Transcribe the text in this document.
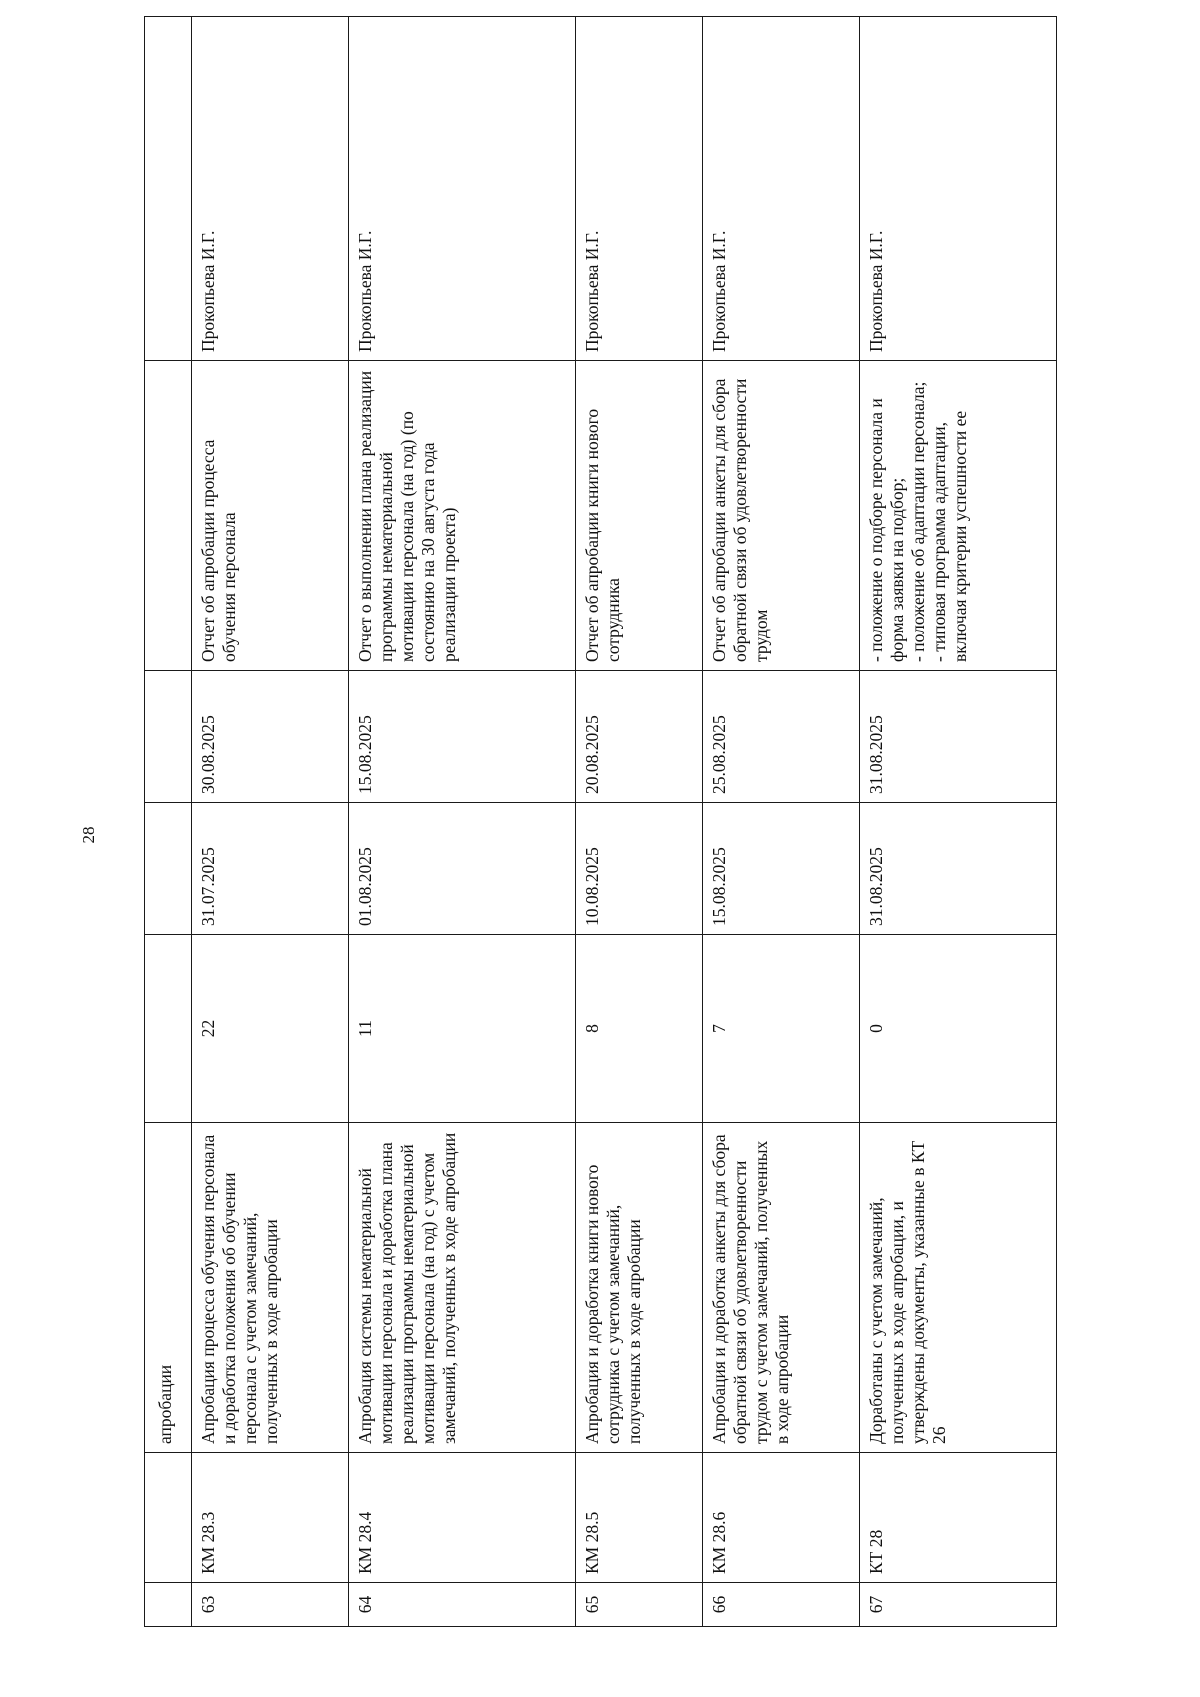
28
		апробации					
63	КМ 28.3	Апробация процесса обучения персонала и доработка положения об обучении персонала с учетом замечаний, полученных в ходе апробации	22	31.07.2025	30.08.2025	Отчет об апробации процесса обучения персонала	Прокопьева И.Г.
64	КМ 28.4	Апробация системы нематериальной мотивации персонала и доработка плана реализации программы нематериальной мотивации персонала (на год) с учетом замечаний, полученных в ходе апробации	11	01.08.2025	15.08.2025	Отчет о выполнении плана реализации программы нематериальной мотивации персонала (на год) (по состоянию на 30 августа года реализации проекта)	Прокопьева И.Г.
65	КМ 28.5	Апробация и доработка книги нового сотрудника с учетом замечаний, полученных в ходе апробации	8	10.08.2025	20.08.2025	Отчет об апробации книги нового сотрудника	Прокопьева И.Г.
66	КМ 28.6	Апробация и доработка анкеты для сбора обратной связи об удовлетворенности трудом с учетом замечаний, полученных в ходе апробации	7	15.08.2025	25.08.2025	Отчет об апробации анкеты для сбора обратной связи об удовлетворенности трудом	Прокопьева И.Г.
67	КТ 28	Доработаны с учетом замечаний, полученных в ходе апробации, и утверждены документы, указанные в КТ 26	0	31.08.2025	31.08.2025	- положение о подборе персонала и форма заявки на подбор;
- положение об адаптации персонала;
- типовая программа адаптации, включая критерии успешности ее	Прокопьева И.Г.
